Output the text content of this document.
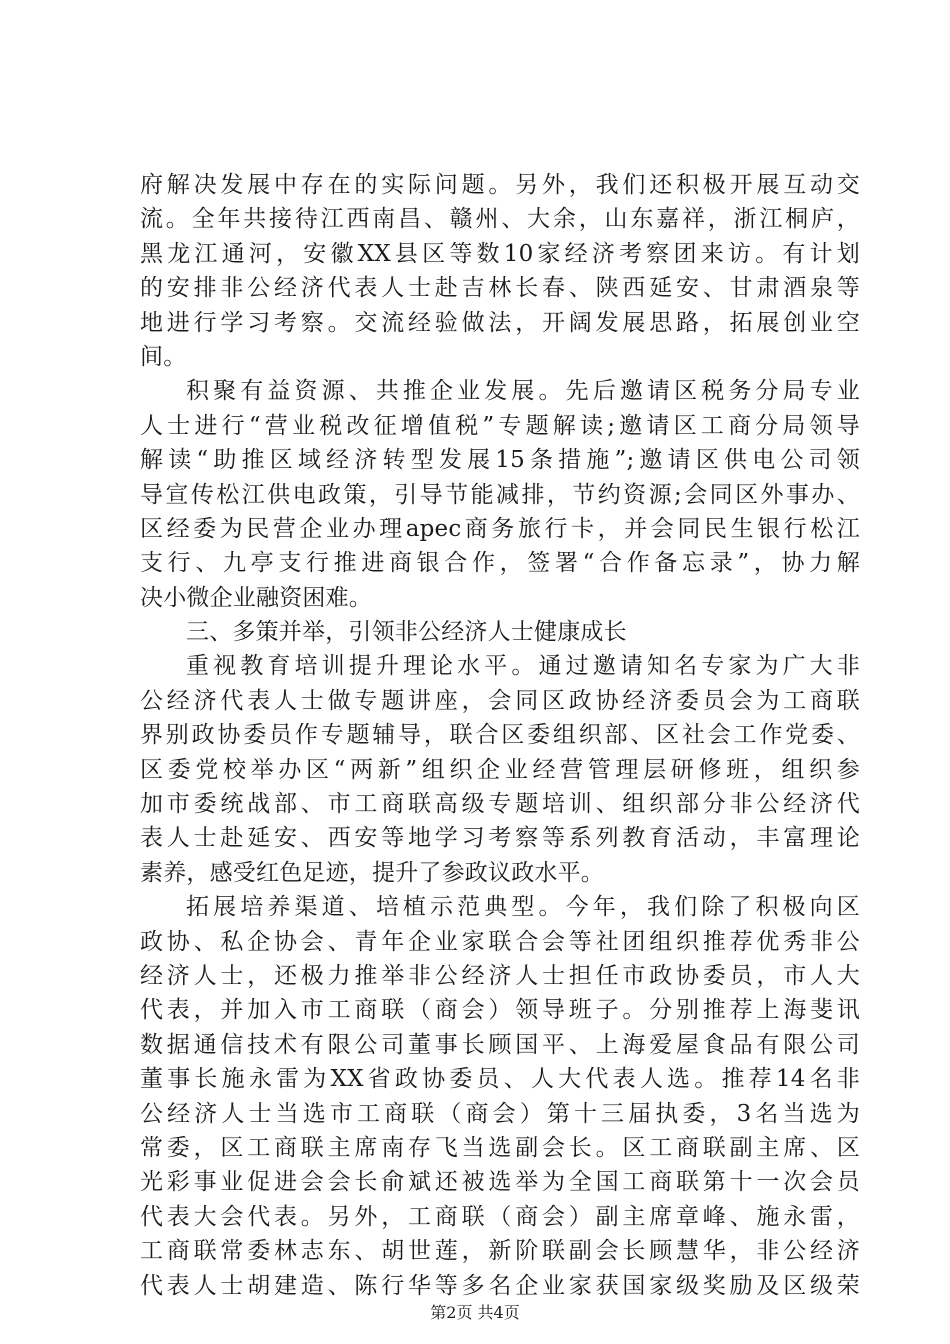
府解决发展中存在的实际问题。另外，我们还积极开展互动交
流。全年共接待江西南昌、赣州、大余，山东嘉祥，浙江桐庐，
黑龙江通河，安徽XX县区等数10家经济考察团来访。有计划
的安排非公经济代表人士赴吉林长春、陕西延安、甘肃酒泉等
地进行学习考察。交流经验做法，开阔发展思路，拓展创业空
间。
积聚有益资源、共推企业发展。先后邀请区税务分局专业
人士进行“营业税改征增值税”专题解读;邀请区工商分局领导
解读“助推区域经济转型发展15条措施”;邀请区供电公司领
导宣传松江供电政策，引导节能减排，节约资源;会同区外事办、
区经委为民营企业办理apec商务旅行卡，并会同民生银行松江
支行、九亭支行推进商银合作，签署“合作备忘录”，协力解
决小微企业融资困难。
三、多策并举，引领非公经济人士健康成长
重视教育培训提升理论水平。通过邀请知名专家为广大非
公经济代表人士做专题讲座，会同区政协经济委员会为工商联
界别政协委员作专题辅导，联合区委组织部、区社会工作党委、
区委党校举办区“两新”组织企业经营管理层研修班，组织参
加市委统战部、市工商联高级专题培训、组织部分非公经济代
表人士赴延安、西安等地学习考察等系列教育活动，丰富理论
素养，感受红色足迹，提升了参政议政水平。
拓展培养渠道、培植示范典型。今年，我们除了积极向区
政协、私企协会、青年企业家联合会等社团组织推荐优秀非公
经济人士，还极力推举非公经济人士担任市政协委员，市人大
代表，并加入市工商联（商会）领导班子。分别推荐上海斐讯
数据通信技术有限公司董事长顾国平、上海爱屋食品有限公司
董事长施永雷为XX省政协委员、人大代表人选。推荐14名非
公经济人士当选市工商联（商会）第十三届执委，3名当选为
常委，区工商联主席南存飞当选副会长。区工商联副主席、区
光彩事业促进会会长俞斌还被选举为全国工商联第十一次会员
代表大会代表。另外，工商联（商会）副主席章峰、施永雷，
工商联常委林志东、胡世莲，新阶联副会长顾慧华，非公经济
代表人士胡建造、陈行华等多名企业家获国家级奖励及区级荣
第2页 共4页
